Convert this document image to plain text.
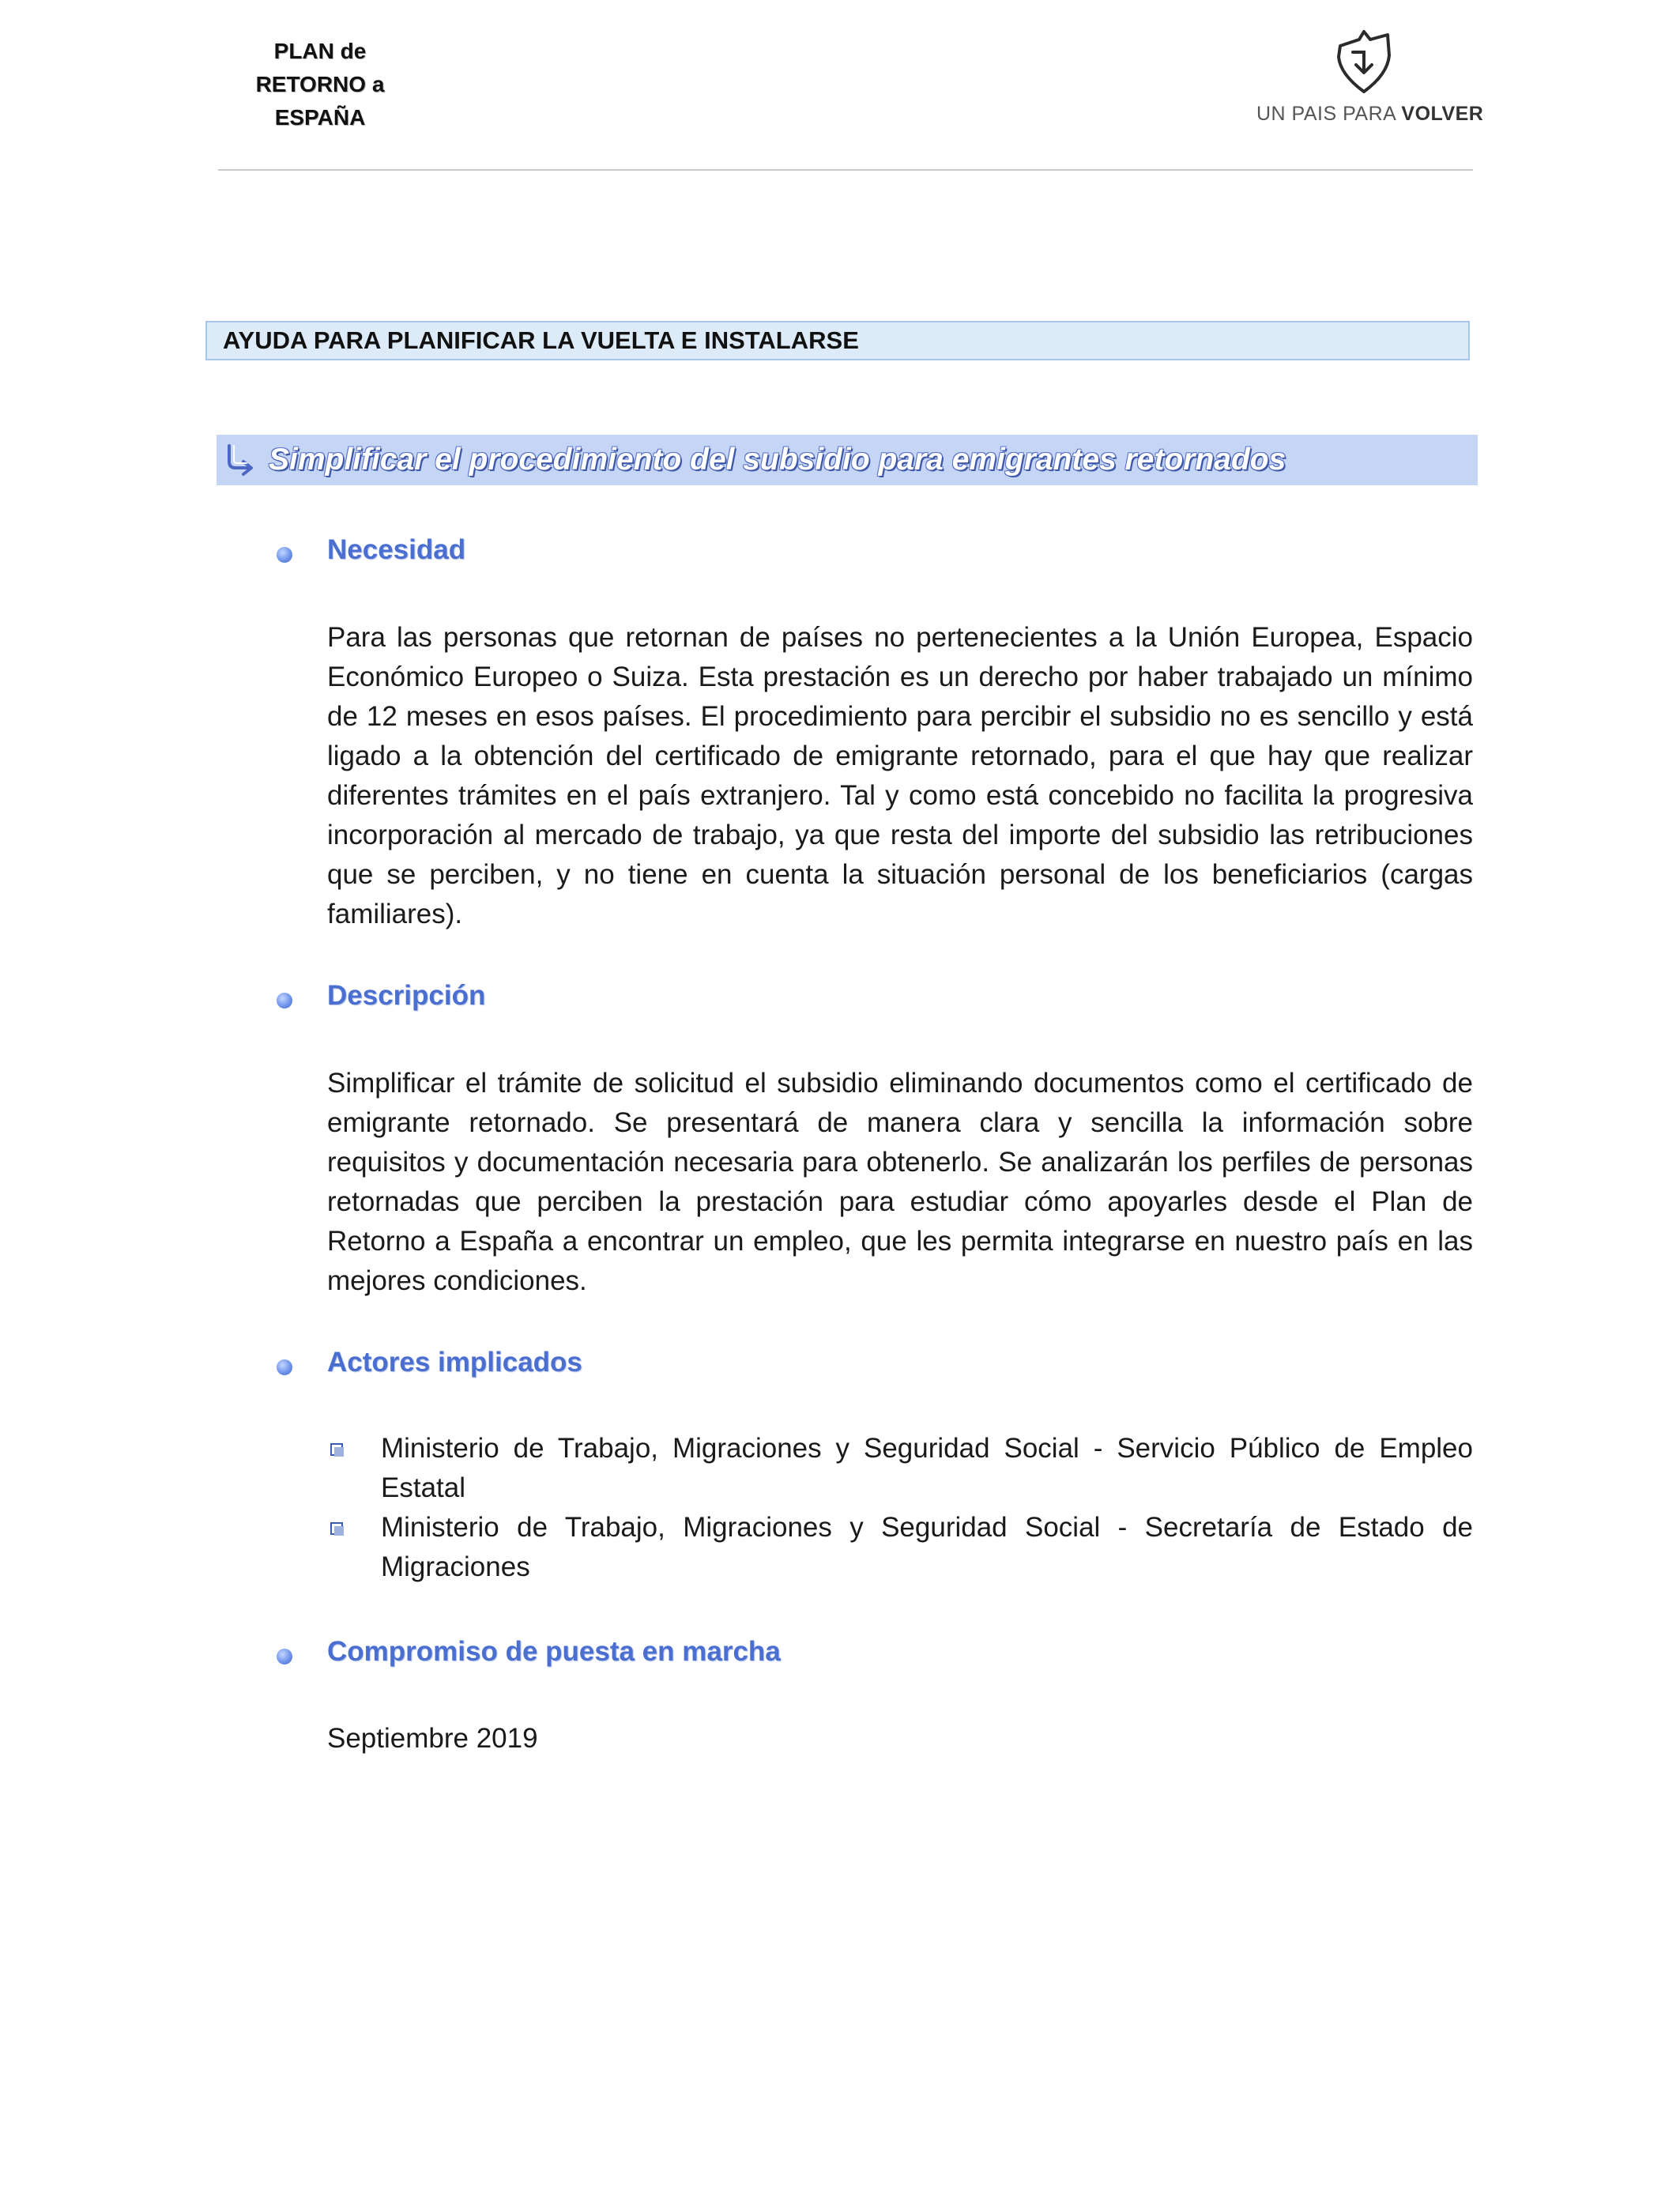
PLAN de
RETORNO a
ESPAÑA	UN PAIS PARA VOLVER
AYUDA PARA PLANIFICAR LA VUELTA E INSTALARSE
Simplificar el procedimiento del subsidio para emigrantes retornados
Necesidad
Para las personas que retornan de países no pertenecientes a la Unión Europea, Espacio Económico Europeo o Suiza. Esta prestación es un derecho por haber trabajado un mínimo de 12 meses en esos países. El procedimiento para percibir el subsidio no es sencillo y está ligado a la obtención del certificado de emigrante retornado, para el que hay que realizar diferentes trámites en el país extranjero. Tal y como está concebido no facilita la progresiva incorporación al mercado de trabajo, ya que resta del importe del subsidio las retribuciones que se perciben, y no tiene en cuenta la situación personal de los beneficiarios (cargas familiares).
Descripción
Simplificar el trámite de solicitud el subsidio eliminando documentos como el certificado de emigrante retornado. Se presentará de manera clara y sencilla la información sobre requisitos y documentación necesaria para obtenerlo. Se analizarán los perfiles de personas retornadas que perciben la prestación para estudiar cómo apoyarles desde el Plan de Retorno a España a encontrar un empleo, que les permita integrarse en nuestro país en las mejores condiciones.
Actores implicados
Ministerio de Trabajo, Migraciones y Seguridad Social - Servicio Público de Empleo Estatal
Ministerio de Trabajo, Migraciones y Seguridad Social - Secretaría de Estado de Migraciones
Compromiso de puesta en marcha
Septiembre 2019
